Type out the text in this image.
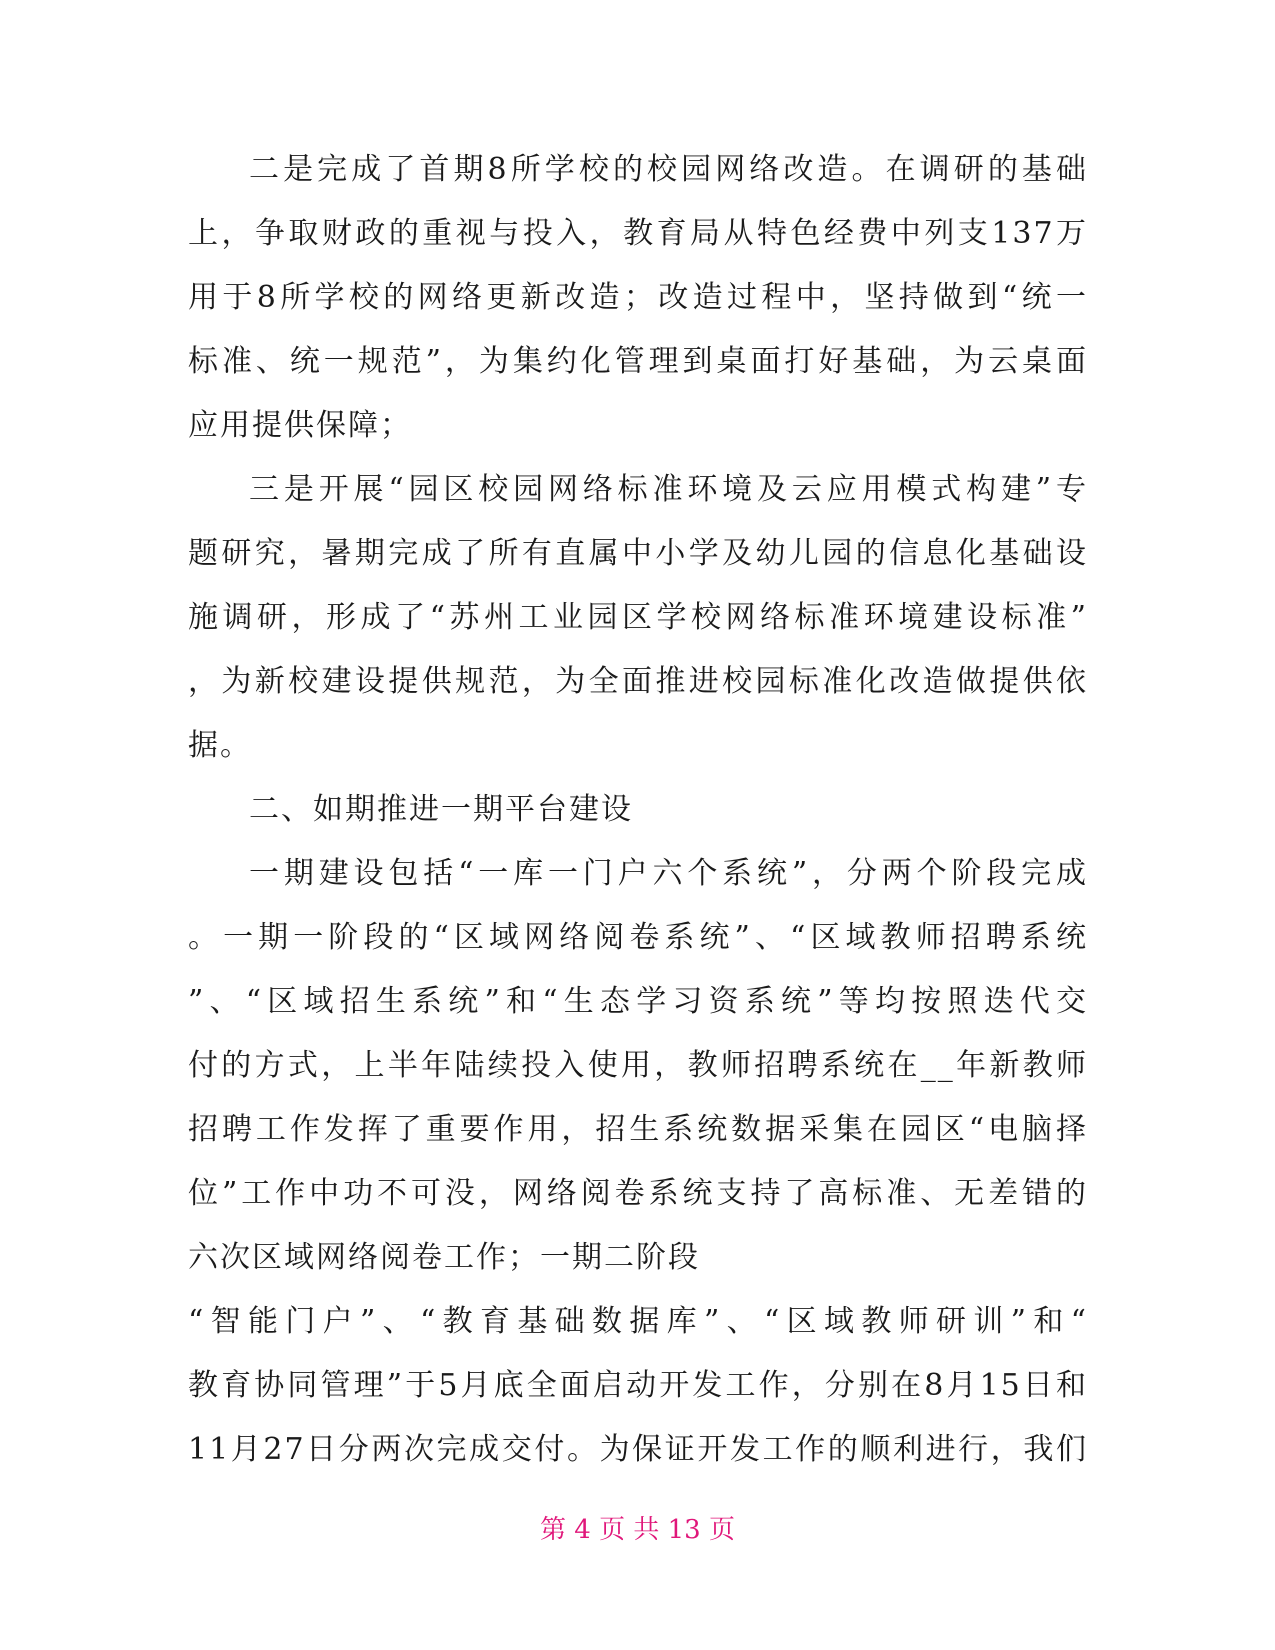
二是完成了首期8所学校的校园网络改造。在调研的基础
上，争取财政的重视与投入，教育局从特色经费中列支137万
用于8所学校的网络更新改造；改造过程中，坚持做到“统一
标准、统一规范”，为集约化管理到桌面打好基础，为云桌面
应用提供保障；
三是开展“园区校园网络标准环境及云应用模式构建”专
题研究，暑期完成了所有直属中小学及幼儿园的信息化基础设
施调研，形成了“苏州工业园区学校网络标准环境建设标准”
，为新校建设提供规范，为全面推进校园标准化改造做提供依
据。
二、如期推进一期平台建设
一期建设包括“一库一门户六个系统”，分两个阶段完成
。一期一阶段的“区域网络阅卷系统”、“区域教师招聘系统
”、“区域招生系统”和“生态学习资系统”等均按照迭代交
付的方式，上半年陆续投入使用，教师招聘系统在__年新教师
招聘工作发挥了重要作用，招生系统数据采集在园区“电脑择
位”工作中功不可没，网络阅卷系统支持了高标准、无差错的
六次区域网络阅卷工作；一期二阶段
“智能门户”、“教育基础数据库”、“区域教师研训”和“
教育协同管理”于5月底全面启动开发工作，分别在8月15日和
11月27日分两次完成交付。为保证开发工作的顺利进行，我们
第 4 页 共 13 页
